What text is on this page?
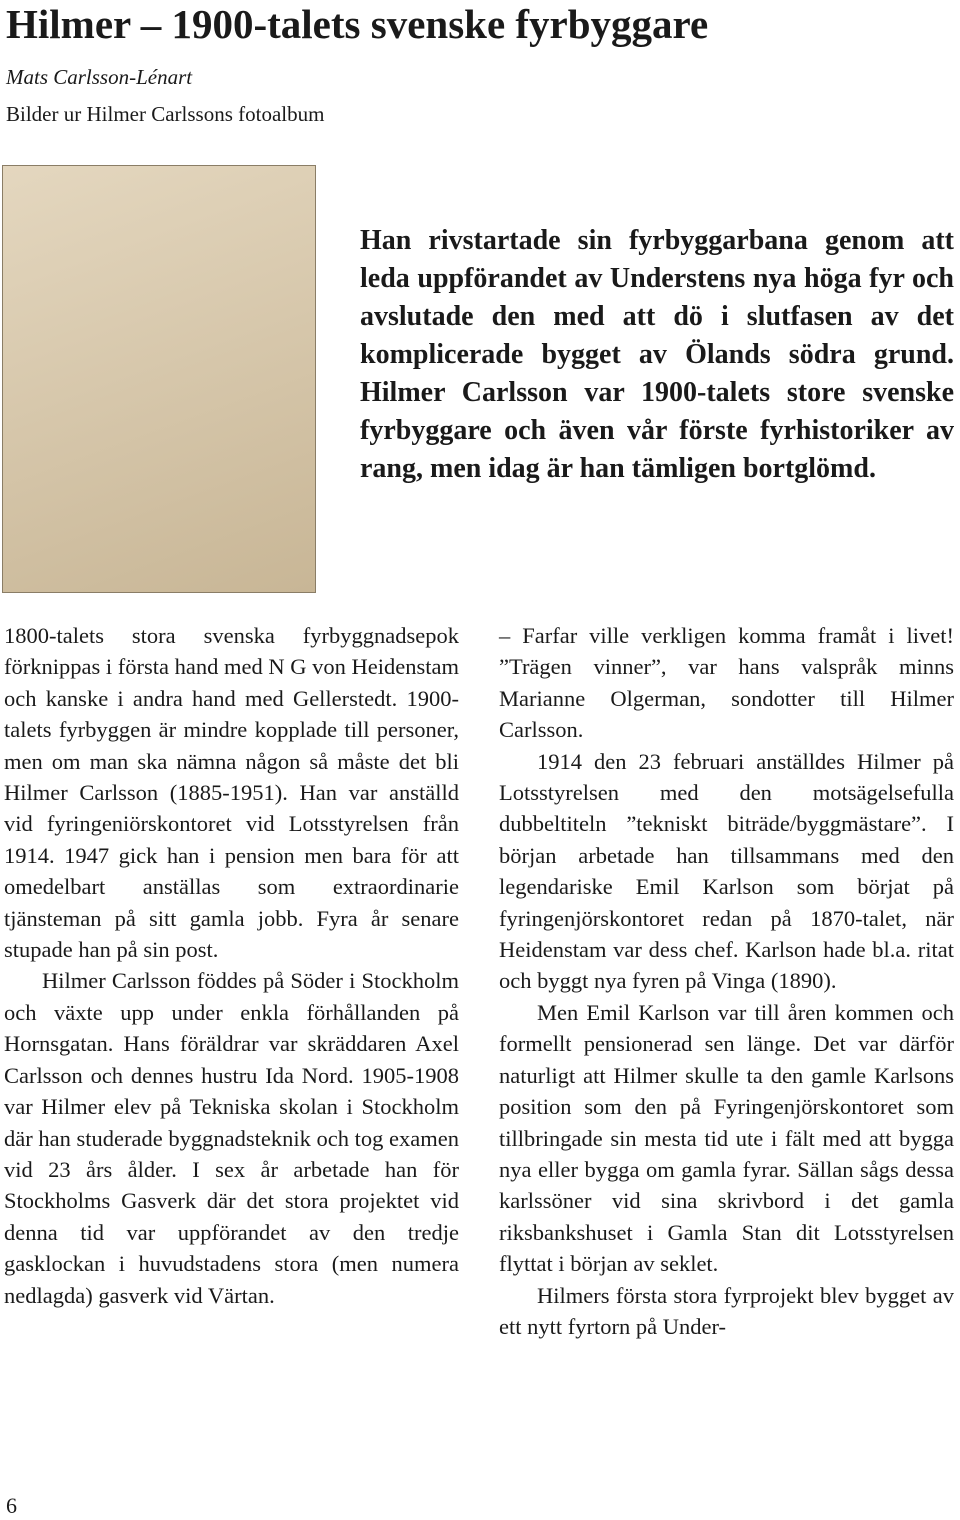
Hilmer – 1900-talets svenske fyrbyggare
Mats Carlsson-Lénart
Bilder ur Hilmer Carlssons fotoalbum

Han rivstartade sin fyrbyggarbana genom att leda uppförandet av Understens nya höga fyr och avslutade den med att dö i slutfasen av det komplicerade bygget av Ölands södra grund. Hilmer Carlsson var 1900-talets store svenske fyrbyggare och även vår förste fyrhistoriker av rang, men idag är han tämligen bortglömd.

1800-talets stora svenska fyrbyggnadsepok förknippas i första hand med N G von Heidenstam och kanske i andra hand med Gellerstedt. 1900-talets fyrbyggen är mindre kopplade till personer, men om man ska nämna någon så måste det bli Hilmer Carlsson (1885-1951). Han var anställd vid fyringeniörskontoret vid Lotsstyrelsen från 1914. 1947 gick han i pension men bara för att omedelbart anställas som extraordinarie tjänsteman på sitt gamla jobb. Fyra år senare stupade han på sin post.

Hilmer Carlsson föddes på Söder i Stockholm och växte upp under enkla förhållanden på Hornsgatan. Hans föräldrar var skräddaren Axel Carlsson och dennes hustru Ida Nord. 1905-1908 var Hilmer elev på Tekniska skolan i Stockholm där han studerade byggnadsteknik och tog examen vid 23 års ålder. I sex år arbetade han för Stockholms Gasverk där det stora projektet vid denna tid var uppförandet av den tredje gasklockan i huvudstadens stora (men numera nedlagda) gasverk vid Värtan.

– Farfar ville verkligen komma framåt i livet! ”Trägen vinner”, var hans valspråk minns Marianne Olgerman, sondotter till Hilmer Carlsson.

1914 den 23 februari anställdes Hilmer på Lotsstyrelsen med den motsägelsefulla dubbeltiteln ”tekniskt biträde/byggmästare”. I början arbetade han tillsammans med den legendariske Emil Karlson som börjat på fyringenjörskontoret redan på 1870-talet, när Heidenstam var dess chef. Karlson hade bl.a. ritat och byggt nya fyren på Vinga (1890).

Men Emil Karlson var till åren kommen och formellt pensionerad sen länge. Det var därför naturligt att Hilmer skulle ta den gamle Karlsons position som den på Fyringenjörskontoret som tillbringade sin mesta tid ute i fält med att bygga nya eller bygga om gamla fyrar. Sällan sågs dessa karlssöner vid sina skrivbord i det gamla riksbankshuset i Gamla Stan dit Lotsstyrelsen flyttat i början av seklet.

Hilmers första stora fyrprojekt blev bygget av ett nytt fyrtorn på Under-

6
